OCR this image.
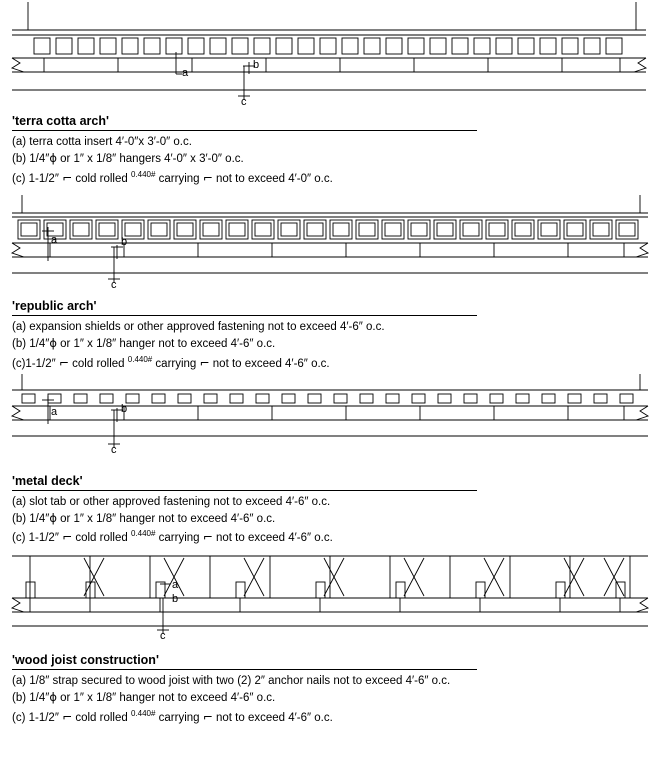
a
b
c
'terra cotta arch'
(a) terra cotta insert 4′-0″x 3′-0″ o.c.
(b) 1/4″ϕ or 1″ x 1/8″ hangers 4′-0″ x 3′-0″ o.c.
(c) 1-1/2″ ⌐ cold rolled $^{0.440\#}$ carrying ⌐ not to exceed 4′-0″ o.c.
a	b
c
'republic arch'
(a) expansion shields or other approved fastening not to exceed 4′-6″ o.c.
(b) 1/4″ϕ or 1″ x 1/8″ hanger not to exceed 4′-6″ o.c.
(c)1-1/2″ ⌐ cold rolled $^{0.440\#}$ carrying ⌐ not to exceed 4′-6″ o.c.
a	b
c
'metal deck'
(a) slot tab or other approved fastening not to exceed 4′-6″ o.c.
(b) 1/4″ϕ or 1″ x 1/8″ hanger not to exceed 4′-6″ o.c.
(c) 1-1/2″ ⌐ cold rolled $^{0.440\#}$ carrying ⌐ not to exceed 4′-6″ o.c.
a
b
c
'wood joist construction'
(a) 1/8″ strap secured to wood joist with two (2) 2″ anchor nails not to exceed 4′-6″ o.c.
(b) 1/4″ϕ or 1″ x 1/8″ hanger not to exceed 4′-6″ o.c.
(c) 1-1/2″ ⌐ cold rolled $^{0.440\#}$ carrying ⌐ not to exceed 4′-6″ o.c.
